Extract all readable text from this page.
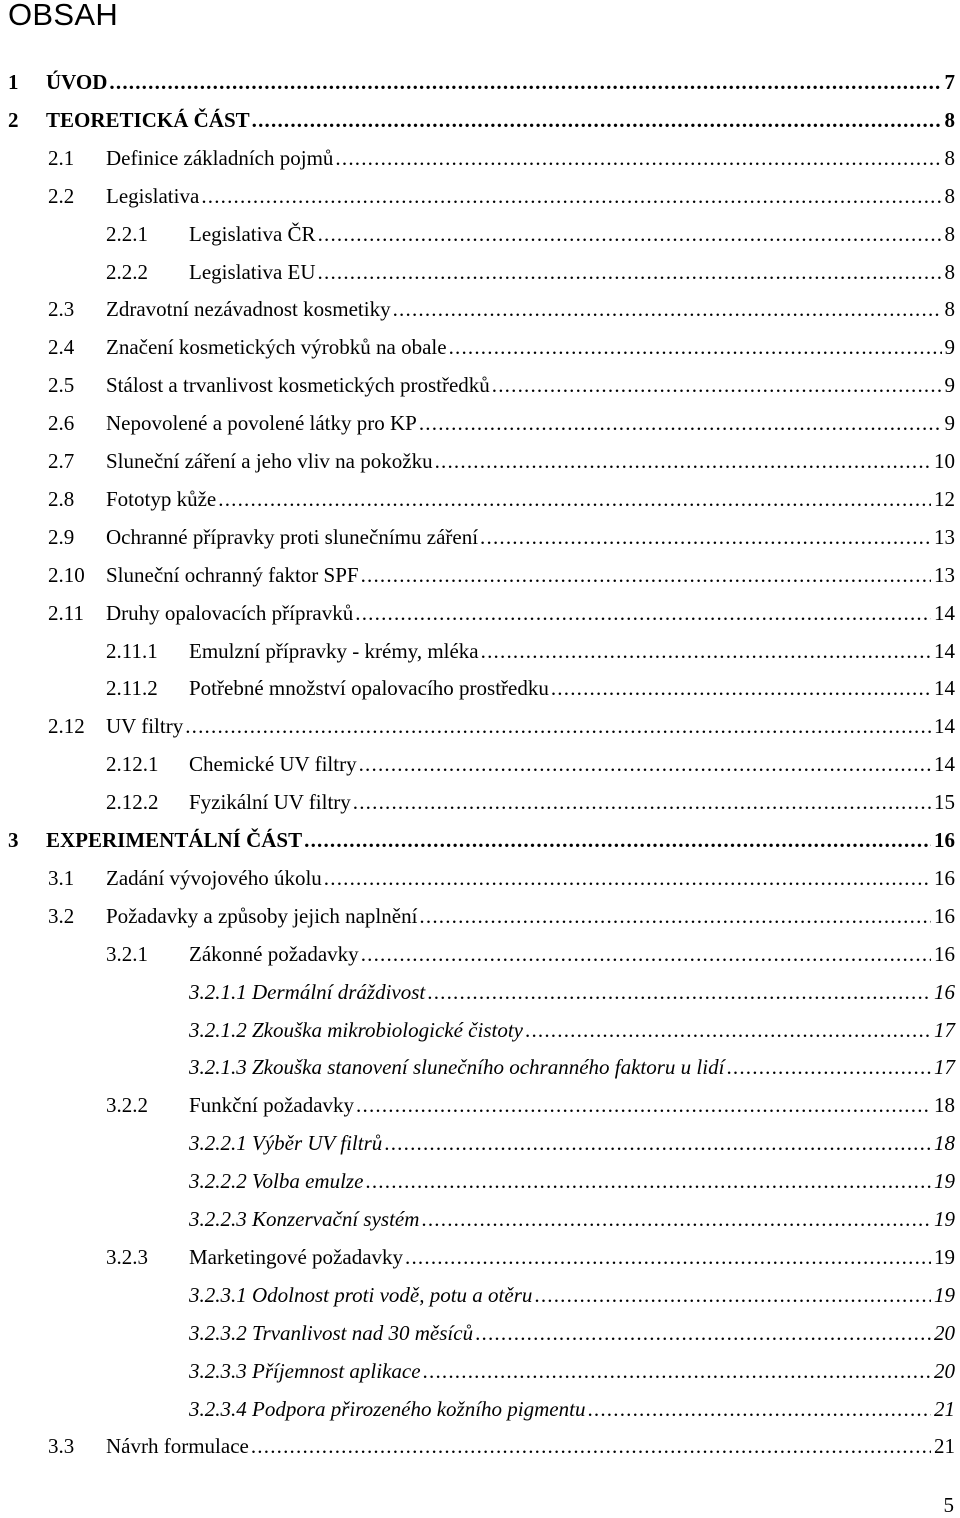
OBSAH
1	ÚVOD .....	7
2	TEORETICKÁ ČÁST .....	8
2.1	Definice základních pojmů .....	8
2.2	Legislativa .....	8
2.2.1	Legislativa ČR .....	8
2.2.2	Legislativa EU .....	8
2.3	Zdravotní nezávadnost kosmetiky .....	8
2.4	Značení kosmetických výrobků na obale .....	9
2.5	Stálost a trvanlivost kosmetických prostředků .....	9
2.6	Nepovolené a povolené látky pro KP .....	9
2.7	Sluneční záření a jeho vliv na pokožku .....	10
2.8	Fototyp kůže .....	12
2.9	Ochranné přípravky proti slunečnímu záření .....	13
2.10	Sluneční ochranný faktor SPF .....	13
2.11	Druhy opalovacích přípravků .....	14
2.11.1	Emulzní přípravky - krémy, mléka .....	14
2.11.2	Potřebné množství opalovacího prostředku .....	14
2.12	UV filtry .....	14
2.12.1	Chemické UV filtry .....	14
2.12.2	Fyzikální UV filtry .....	15
3	EXPERIMENTÁLNÍ ČÁST .....	16
3.1	Zadání vývojového úkolu .....	16
3.2	Požadavky a způsoby jejich naplnění .....	16
3.2.1	Zákonné požadavky .....	16
3.2.1.1 Dermální dráždivost .....	16
3.2.1.2 Zkouška mikrobiologické čistoty .....	17
3.2.1.3 Zkouška stanovení slunečního ochranného faktoru u lidí .....	17
3.2.2	Funkční požadavky .....	18
3.2.2.1 Výběr UV filtrů .....	18
3.2.2.2 Volba emulze .....	19
3.2.2.3 Konzervační systém .....	19
3.2.3	Marketingové požadavky .....	19
3.2.3.1 Odolnost proti vodě, potu a otěru .....	19
3.2.3.2 Trvanlivost nad 30 měsíců .....	20
3.2.3.3 Příjemnost aplikace .....	20
3.2.3.4 Podpora přirozeného kožního pigmentu .....	21
3.3	Návrh formulace .....	21
5
